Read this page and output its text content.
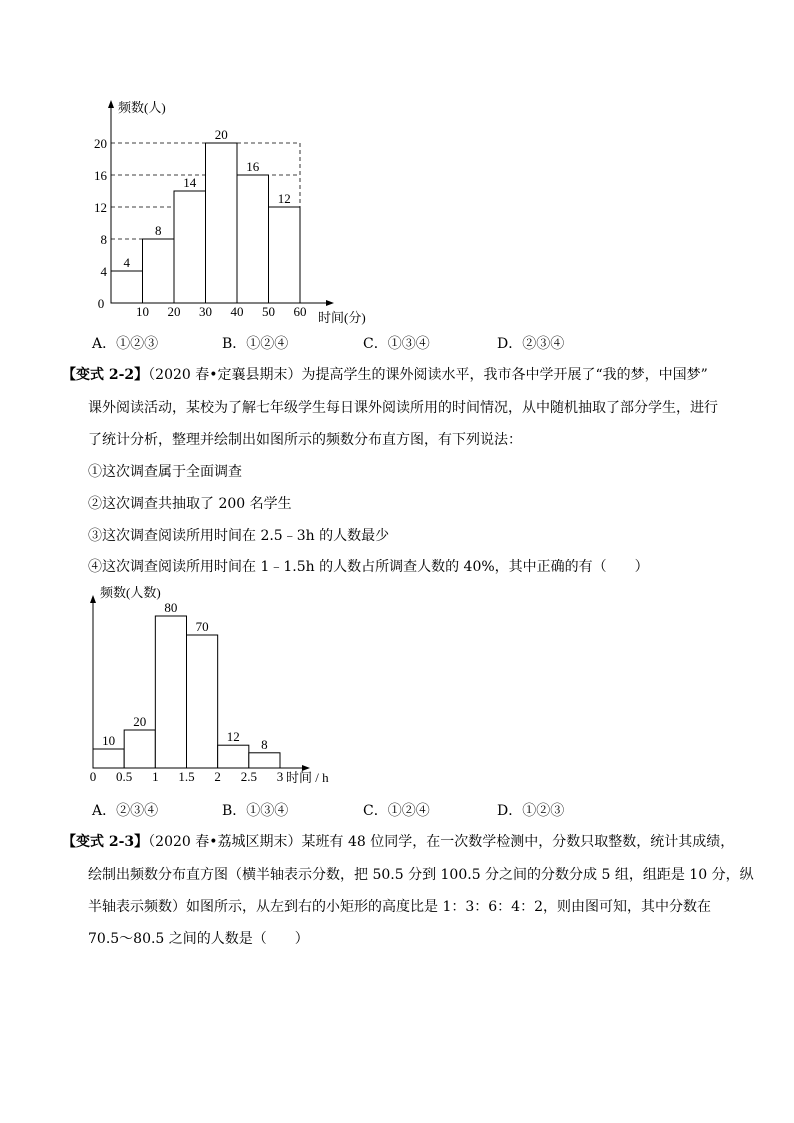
4
8
14
20
16
12
频数(人)
时间(分)
0
4
8
12
16
20
10 20 30 40 50 60
A．①②③	B．①②④	C．①③④	D．②③④
【变式 2-2】（2020 春•定襄县期末）为提高学生的课外阅读水平，我市各中学开展了“我的梦，中国梦”
课外阅读活动，某校为了解七年级学生每日课外阅读所用的时间情况，从中随机抽取了部分学生，进行
了统计分析，整理并绘制出如图所示的频数分布直方图，有下列说法：
①这次调查属于全面调查
②这次调查共抽取了 200 名学生
③这次调查阅读所用时间在 2.5﹣3h 的人数最少
④这次调查阅读所用时间在 1﹣1.5h 的人数占所调查人数的 40%，其中正确的有（　　）
10
20
80
70
12
8
频数(人数)
时间 / h
0 0.5 1 1.5 2 2.5 3
A．②③④	B．①③④	C．①②④	D．①②③
【变式 2-3】（2020 春•荔城区期末）某班有 48 位同学，在一次数学检测中，分数只取整数，统计其成绩，
绘制出频数分布直方图（横半轴表示分数，把 50.5 分到 100.5 分之间的分数分成 5 组，组距是 10 分，纵
半轴表示频数）如图所示，从左到右的小矩形的高度比是 1：3：6：4：2，则由图可知，其中分数在
70.5～80.5 之间的人数是（　　）
